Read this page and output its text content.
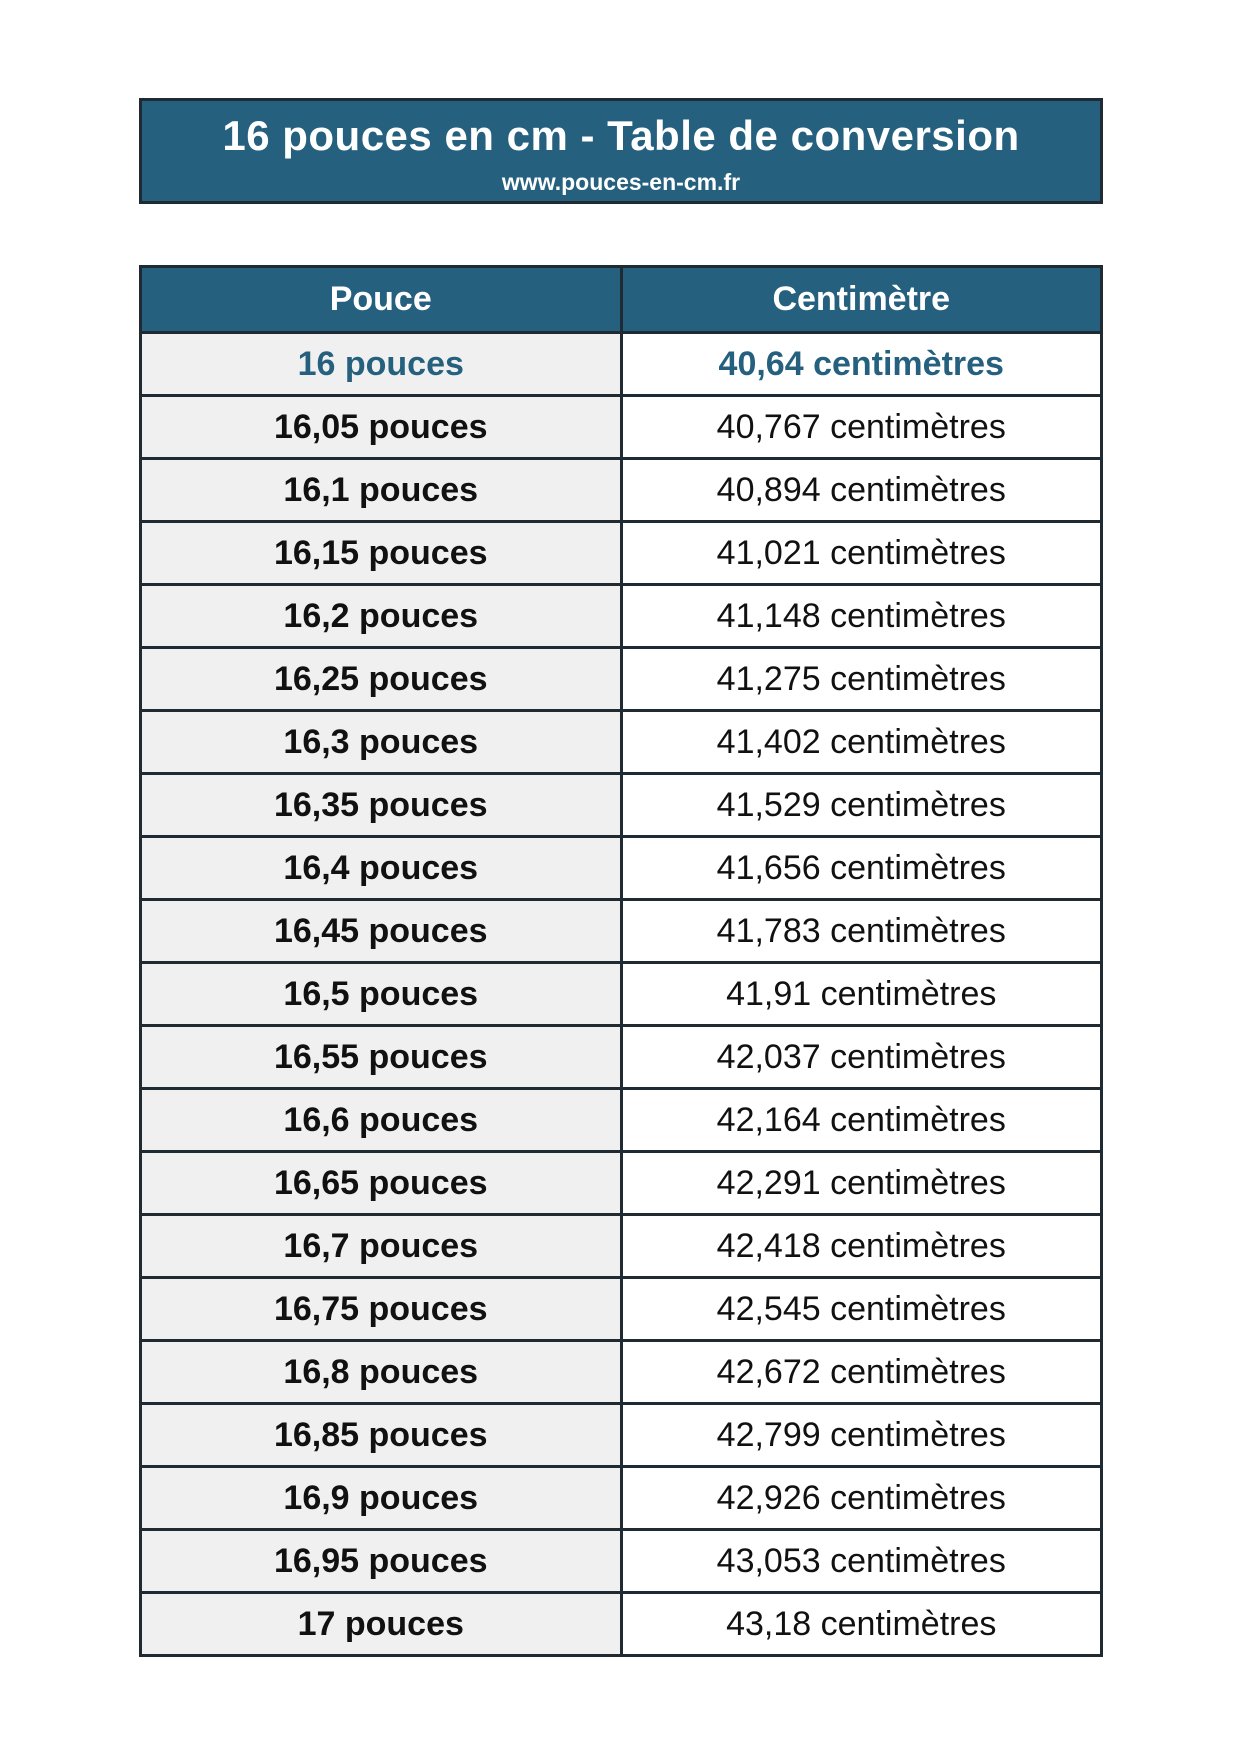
16 pouces en cm - Table de conversion
www.pouces-en-cm.fr
Pouce	Centimètre
16 pouces	40,64 centimètres
16,05 pouces	40,767 centimètres
16,1 pouces	40,894 centimètres
16,15 pouces	41,021 centimètres
16,2 pouces	41,148 centimètres
16,25 pouces	41,275 centimètres
16,3 pouces	41,402 centimètres
16,35 pouces	41,529 centimètres
16,4 pouces	41,656 centimètres
16,45 pouces	41,783 centimètres
16,5 pouces	41,91 centimètres
16,55 pouces	42,037 centimètres
16,6 pouces	42,164 centimètres
16,65 pouces	42,291 centimètres
16,7 pouces	42,418 centimètres
16,75 pouces	42,545 centimètres
16,8 pouces	42,672 centimètres
16,85 pouces	42,799 centimètres
16,9 pouces	42,926 centimètres
16,95 pouces	43,053 centimètres
17 pouces	43,18 centimètres
